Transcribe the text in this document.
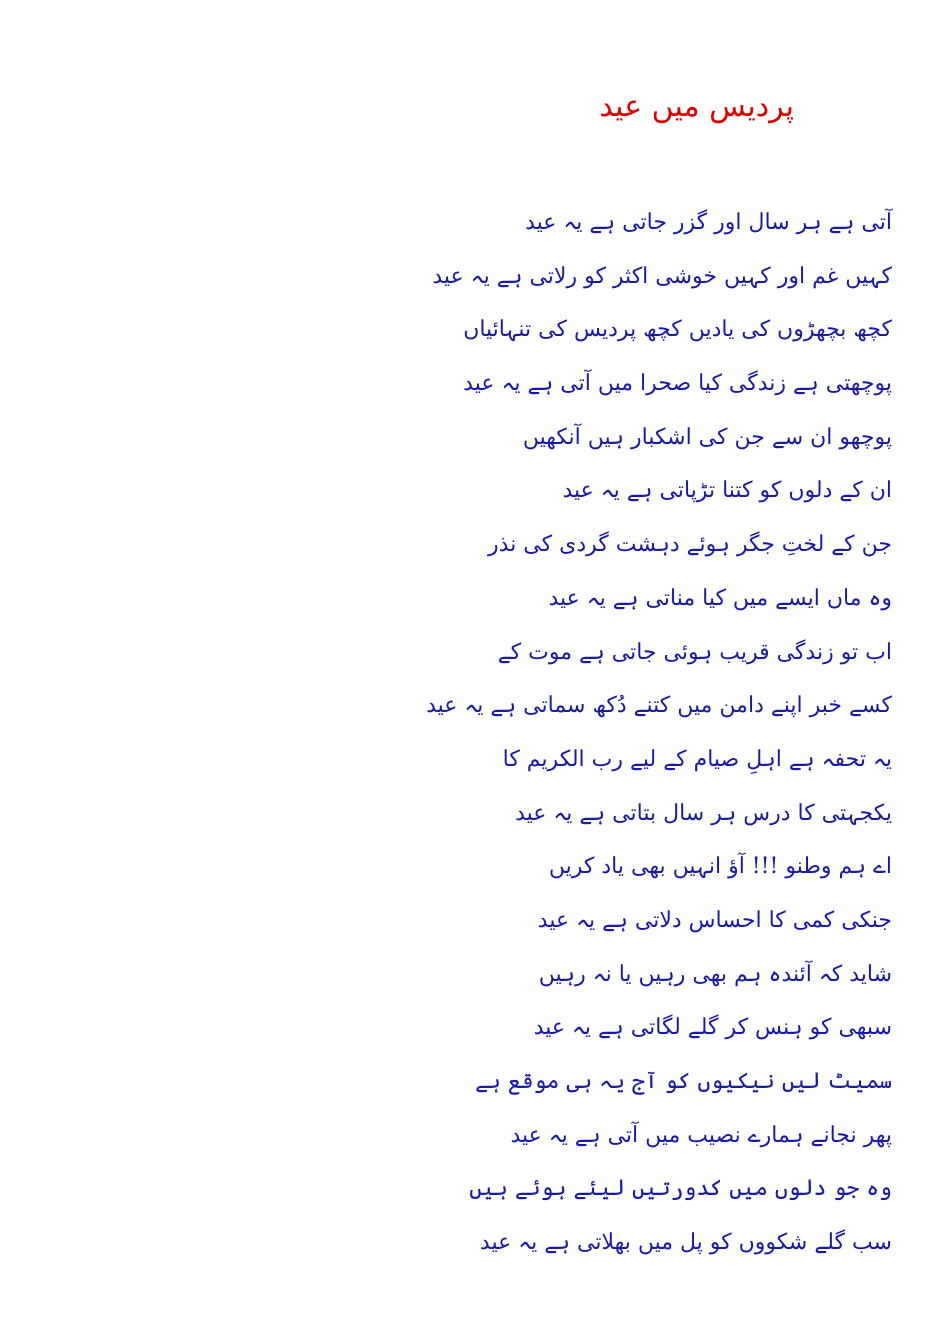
پردیس میں عید
آتی ہے ہر سال اور گزر جاتی ہے یہ عید
کہیں غم اور کہیں خوشی اکثر کو رلاتی ہے یہ عید
کچھ بچھڑوں کی یادیں کچھ پردیس کی تنہائیاں
پوچھتی ہے زندگی کیا صحرا میں آتی ہے یہ عید
پوچھو ان سے جن کی اشکبار ہیں آنکھیں
ان کے دلوں کو کتنا تڑپاتی ہے یہ عید
جن کے لختِ جگر ہوئے دہشت گردی کی نذر
وہ ماں ایسے میں کیا مناتی ہے یہ عید
اب تو زندگی قریب ہوئی جاتی ہے موت کے
کسے خبر اپنے دامن میں کتنے دُکھ سماتی ہے یہ عید
یہ تحفہ ہے اہلِ صیام کے لیے رب الکریم کا
یکجہتی کا درس ہر سال بتاتی ہے یہ عید
اے ہم وطنو !!! آؤ انہیں بھی یاد کریں
جنکی کمی کا احساس دلاتی ہے یہ عید
شاید کہ آئندہ ہم بھی رہیں یا نہ رہیں
سبھی کو ہنس کر گلے لگاتی ہے یہ عید
سمیٹ لیں نیکیوں کو آج یہ ہی موقع ہے
پھر نجانے ہمارے نصیب میں آتی ہے یہ عید
وہ جو دلوں میں کدورتیں لیئے ہوئے ہیں
سب گلے شکووں کو پل میں بھلاتی ہے یہ عید
